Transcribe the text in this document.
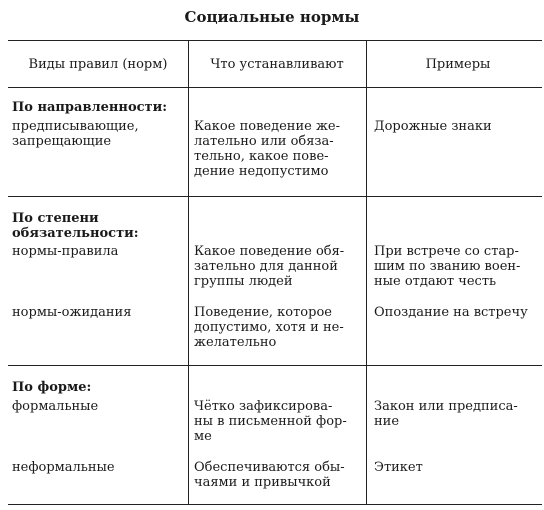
Социальные нормы
Виды правил (норм)	Что устанавливают	Примеры
По направленности:
предписывающие,
запрещающие
Какое поведение же-
лательно или обяза-
тельно, какое пове-
дение недопустимо
Дорожные знаки
По степени
обязательности:
нормы-правила
нормы-ожидания
Какое поведение обя-
зательно для данной
группы людей
Поведение, которое
допустимо, хотя и не-
желательно
При встрече со стар-
шим по званию воен-
ные отдают честь
Опоздание на встречу
По форме:
формальные
неформальные
Чётко зафиксирова-
ны в письменной фор-
ме
Обеспечиваются обы-
чаями и привычкой
Закон или предписа-
ние
Этикет
